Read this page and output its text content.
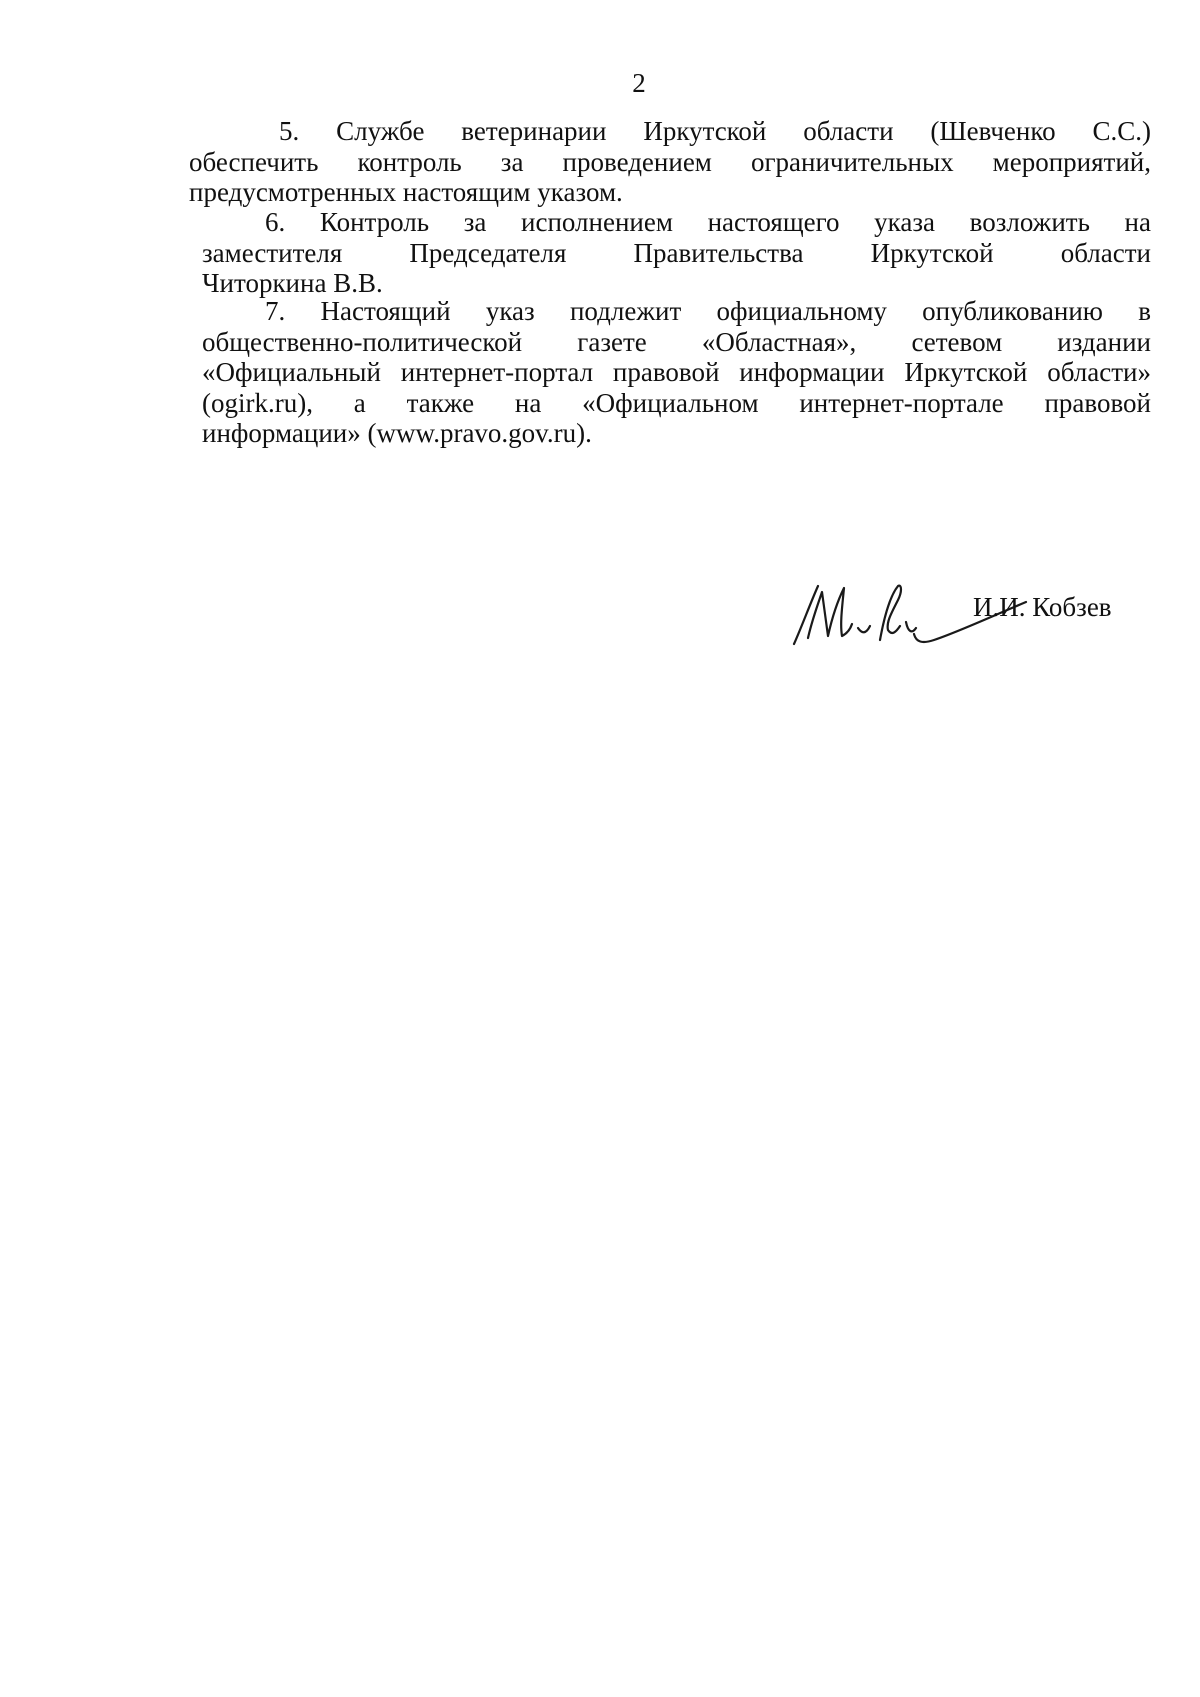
2
5. Службе ветеринарии Иркутской области (Шевченко С.С.)
обеспечить контроль за проведением ограничительных мероприятий,
предусмотренных настоящим указом.
6. Контроль за исполнением настоящего указа возложить на
заместителя Председателя Правительства Иркутской области
Читоркина В.В.
7. Настоящий указ подлежит официальному опубликованию в
общественно-политической газете «Областная», сетевом издании
«Официальный интернет-портал правовой информации Иркутской области»
(ogirk.ru), а также на «Официальном интернет-портале правовой
информации» (www.pravo.gov.ru).
И.И. Кобзев
